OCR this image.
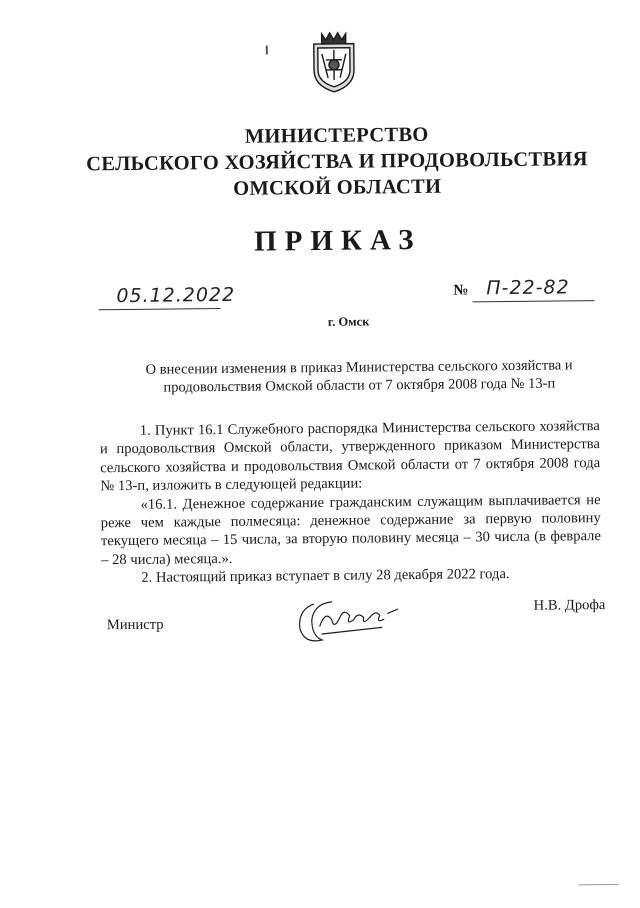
МИНИСТЕРСТВО
СЕЛЬСКОГО ХОЗЯЙСТВА И ПРОДОВОЛЬСТВИЯ
ОМСКОЙ ОБЛАСТИ
ПРИКАЗ
05.12.2022	№ П-22-82
г. Омск
О внесении изменения в приказ Министерства сельского хозяйства и продовольствия Омской области от 7 октября 2008 года № 13-п

1. Пункт 16.1 Служебного распорядка Министерства сельского хозяйства и продовольствия Омской области, утвержденного приказом Министерства сельского хозяйства и продовольствия Омской области от 7 октября 2008 года № 13-п, изложить в следующей редакции:

«16.1. Денежное содержание гражданским служащим выплачивается не реже чем каждые полмесяца: денежное содержание за первую половину текущего месяца – 15 числа, за вторую половину месяца – 30 числа (в феврале – 28 числа) месяца.».

2. Настоящий приказ вступает в силу 28 декабря 2022 года.

Министр
Н.В. Дрофа
